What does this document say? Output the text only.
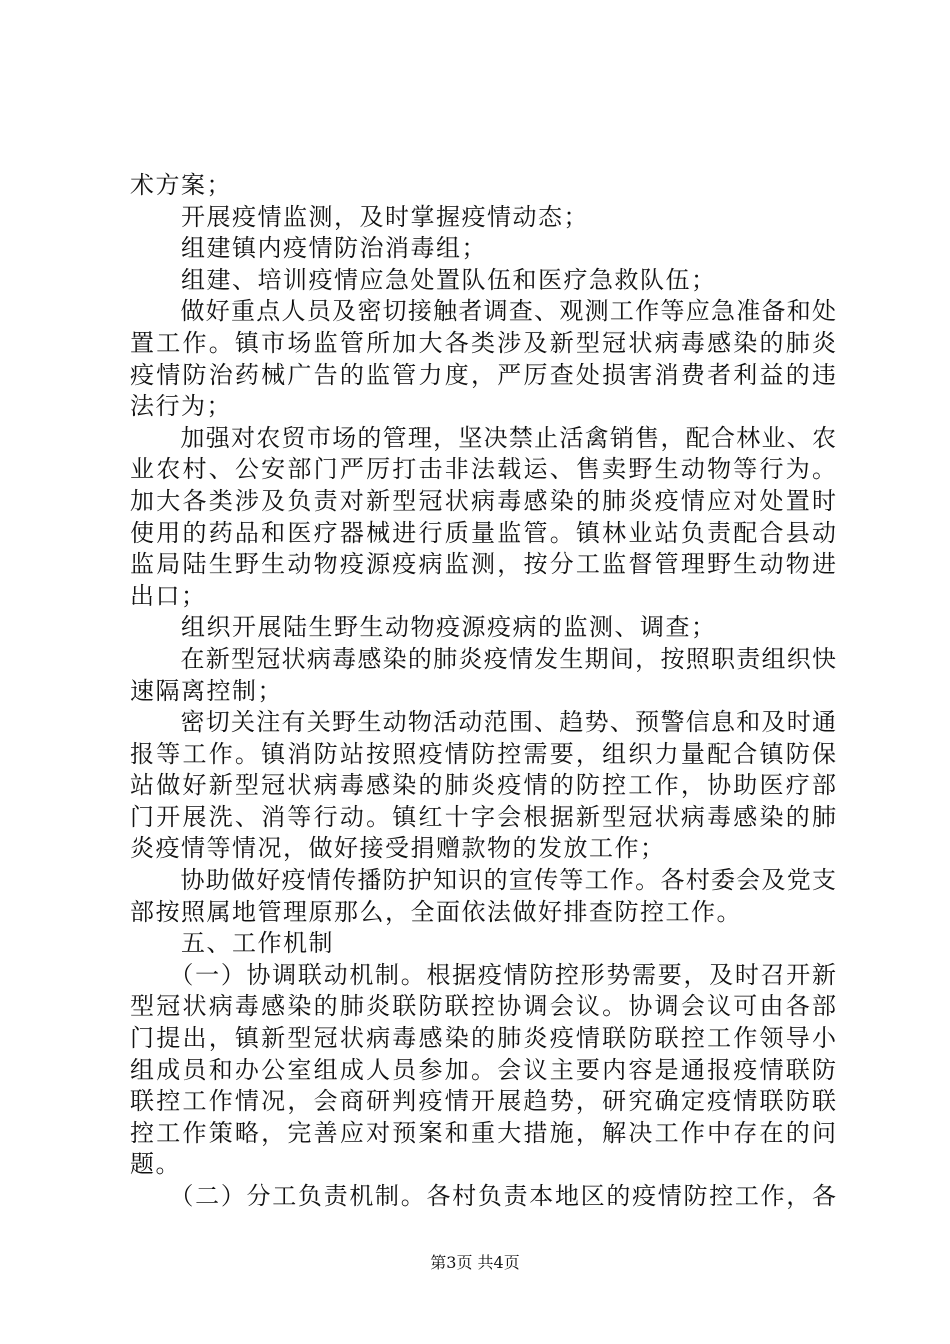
术方案；
　　开展疫情监测，及时掌握疫情动态；
　　组建镇内疫情防治消毒组；
　　组建、培训疫情应急处置队伍和医疗急救队伍；
　　做好重点人员及密切接触者调查、观测工作等应急准备和处
置工作。镇市场监管所加大各类涉及新型冠状病毒感染的肺炎
疫情防治药械广告的监管力度，严厉查处损害消费者利益的违
法行为；
　　加强对农贸市场的管理，坚决禁止活禽销售，配合林业、农
业农村、公安部门严厉打击非法载运、售卖野生动物等行为。
加大各类涉及负责对新型冠状病毒感染的肺炎疫情应对处置时
使用的药品和医疗器械进行质量监管。镇林业站负责配合县动
监局陆生野生动物疫源疫病监测，按分工监督管理野生动物进
出口；
　　组织开展陆生野生动物疫源疫病的监测、调查；
　　在新型冠状病毒感染的肺炎疫情发生期间，按照职责组织快
速隔离控制；
　　密切关注有关野生动物活动范围、趋势、预警信息和及时通
报等工作。镇消防站按照疫情防控需要，组织力量配合镇防保
站做好新型冠状病毒感染的肺炎疫情的防控工作，协助医疗部
门开展洗、消等行动。镇红十字会根据新型冠状病毒感染的肺
炎疫情等情况，做好接受捐赠款物的发放工作；
　　协助做好疫情传播防护知识的宣传等工作。各村委会及党支
部按照属地管理原那么，全面依法做好排查防控工作。
　　五、工作机制
　　（一）协调联动机制。根据疫情防控形势需要，及时召开新
型冠状病毒感染的肺炎联防联控协调会议。协调会议可由各部
门提出，镇新型冠状病毒感染的肺炎疫情联防联控工作领导小
组成员和办公室组成人员参加。会议主要内容是通报疫情联防
联控工作情况，会商研判疫情开展趋势，研究确定疫情联防联
控工作策略，完善应对预案和重大措施，解决工作中存在的问
题。
　　（二）分工负责机制。各村负责本地区的疫情防控工作，各
第3页 共4页
